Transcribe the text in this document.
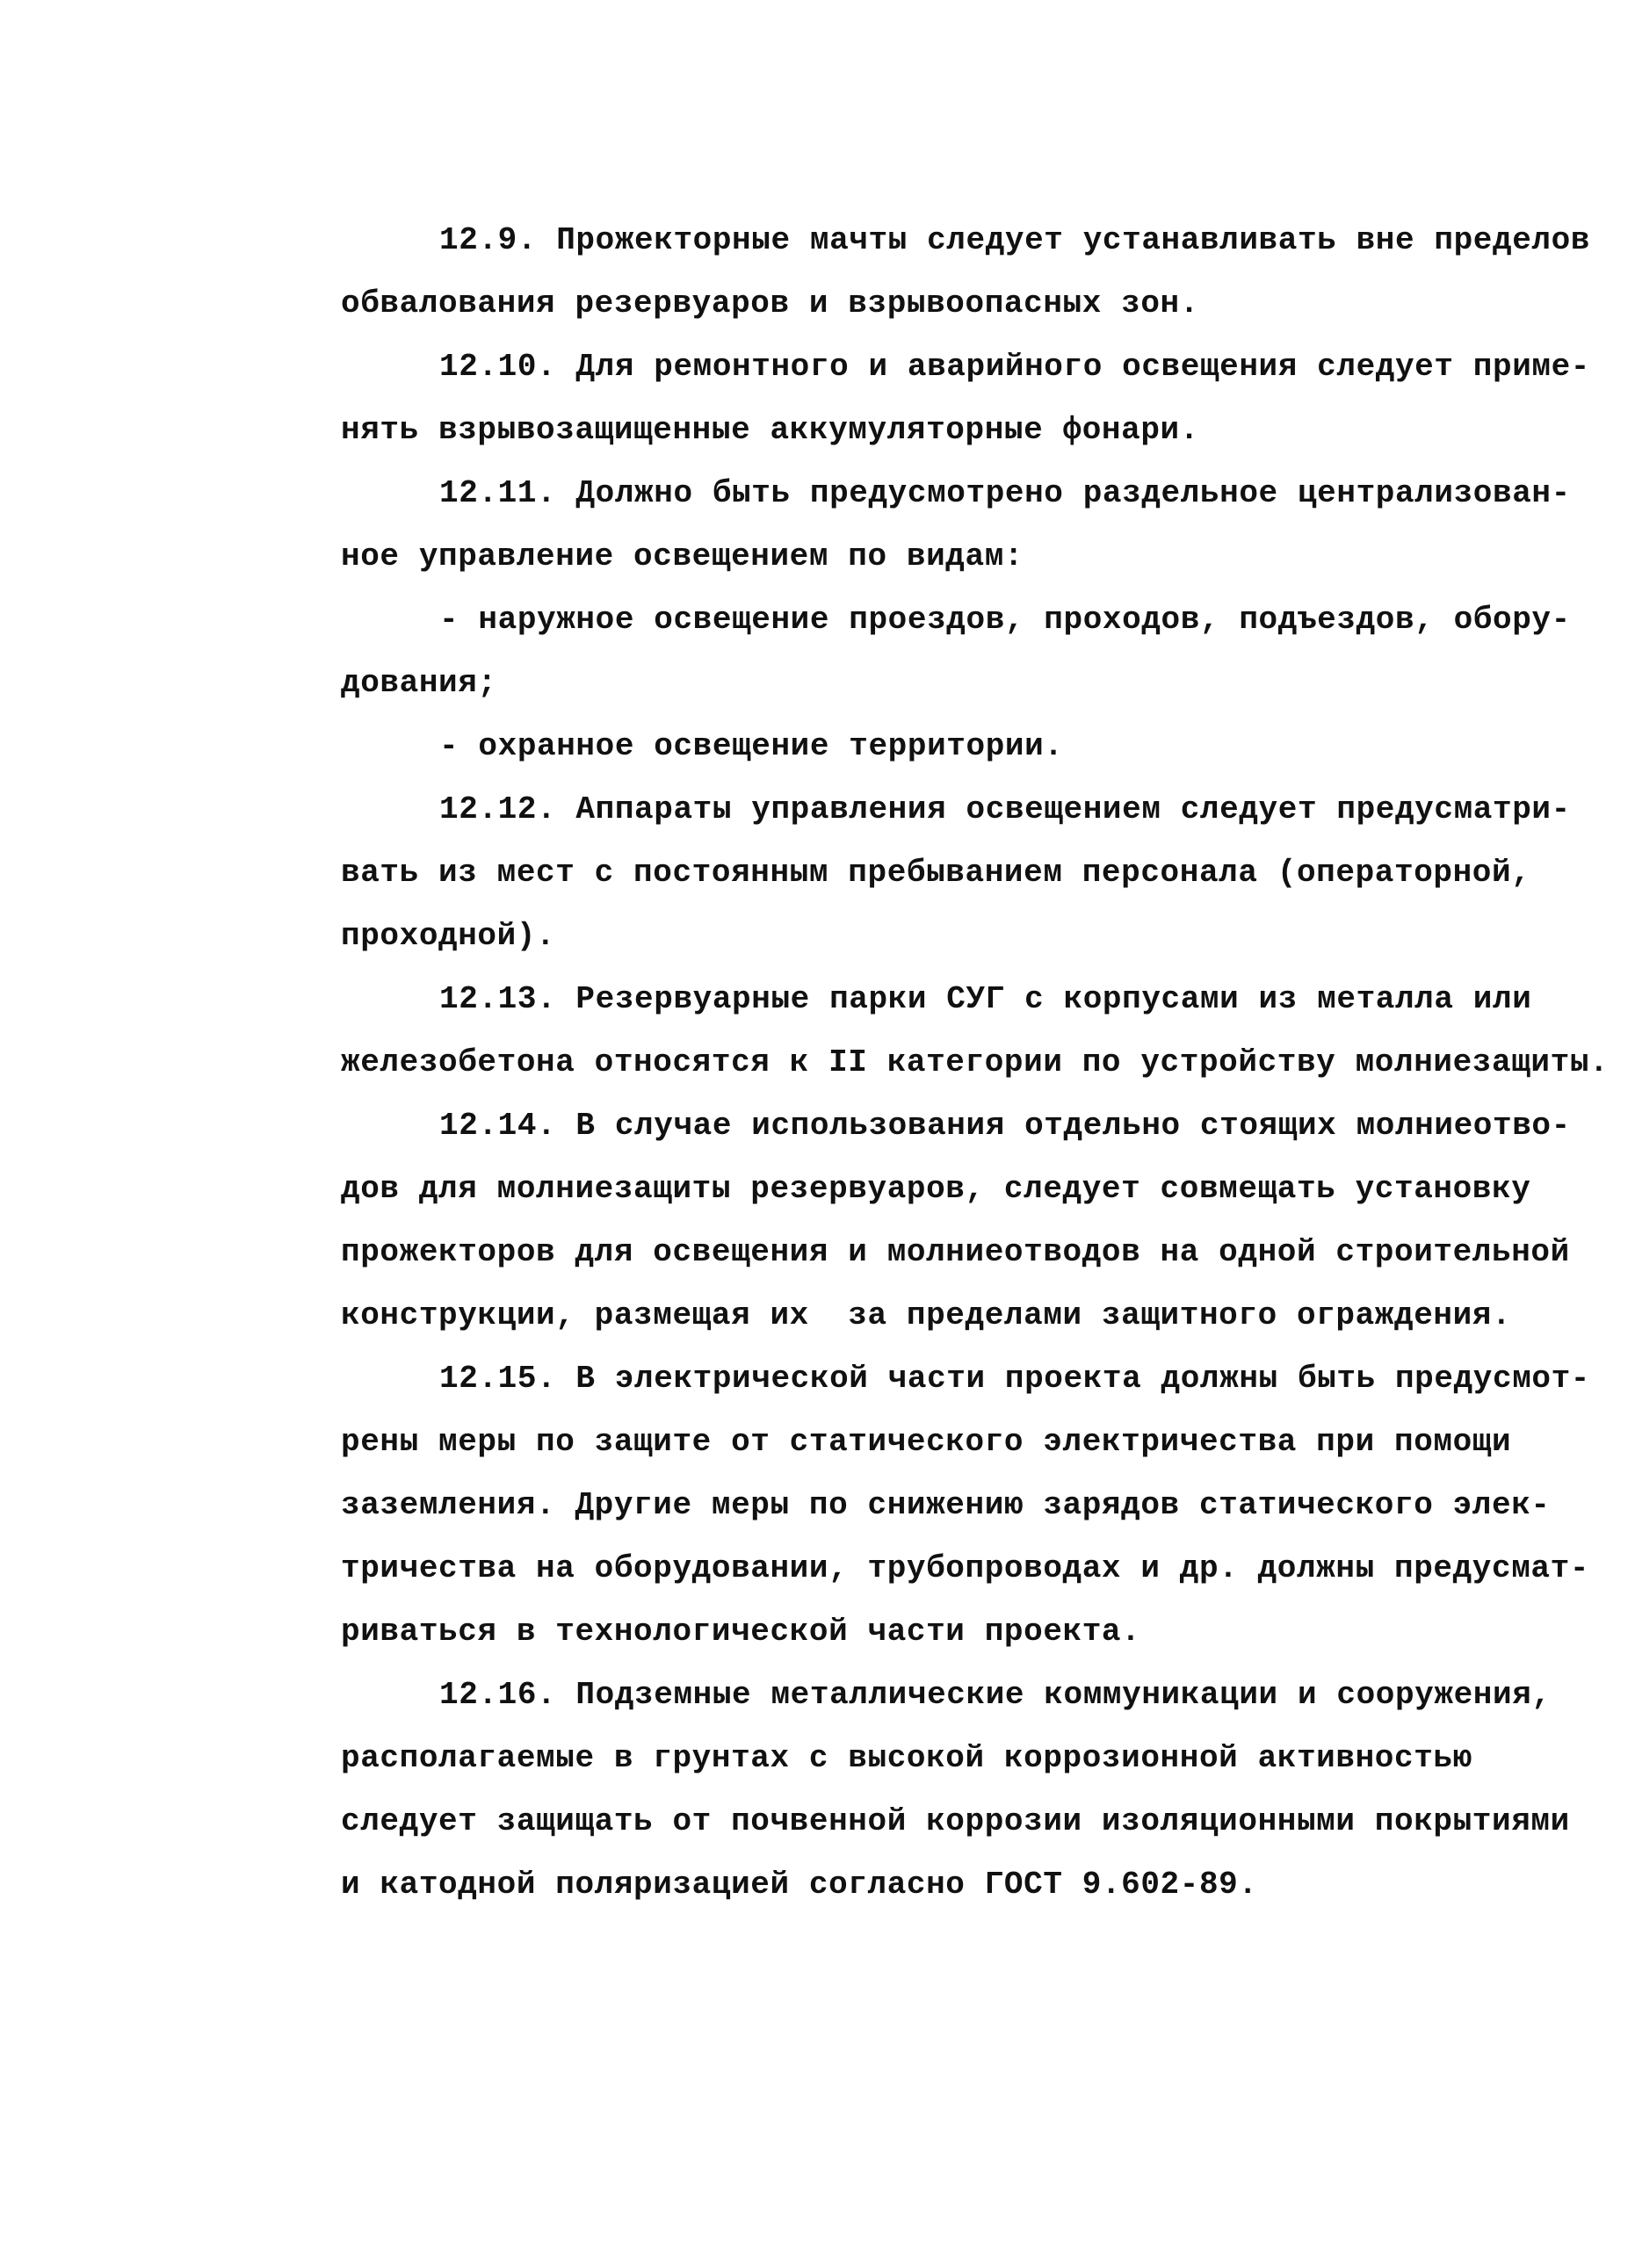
12.9. Прожекторные мачты следует устанавливать вне пределов
обвалования резервуаров и взрывоопасных зон.
12.10. Для ремонтного и аварийного освещения следует приме-
нять взрывозащищенные аккумуляторные фонари.
12.11. Должно быть предусмотрено раздельное централизован-
ное управление освещением по видам:
- наружное освещение проездов, проходов, подъездов, обору-
дования;
- охранное освещение территории.
12.12. Аппараты управления освещением следует предусматри-
вать из мест с постоянным пребыванием персонала (операторной,
проходной).
12.13. Резервуарные парки СУГ с корпусами из металла или
железобетона относятся к II категории по устройству молниезащиты.
12.14. В случае использования отдельно стоящих молниеотво-
дов для молниезащиты резервуаров, следует совмещать установку
прожекторов для освещения и молниеотводов на одной строительной
конструкции, размещая их  за пределами защитного ограждения.
12.15. В электрической части проекта должны быть предусмот-
рены меры по защите от статического электричества при помощи
заземления. Другие меры по снижению зарядов статического элек-
тричества на оборудовании, трубопроводах и др. должны предусмат-
риваться в технологической части проекта.
12.16. Подземные металлические коммуникации и сооружения,
располагаемые в грунтах с высокой коррозионной активностью
следует защищать от почвенной коррозии изоляционными покрытиями
и катодной поляризацией согласно ГОСТ 9.602-89.
